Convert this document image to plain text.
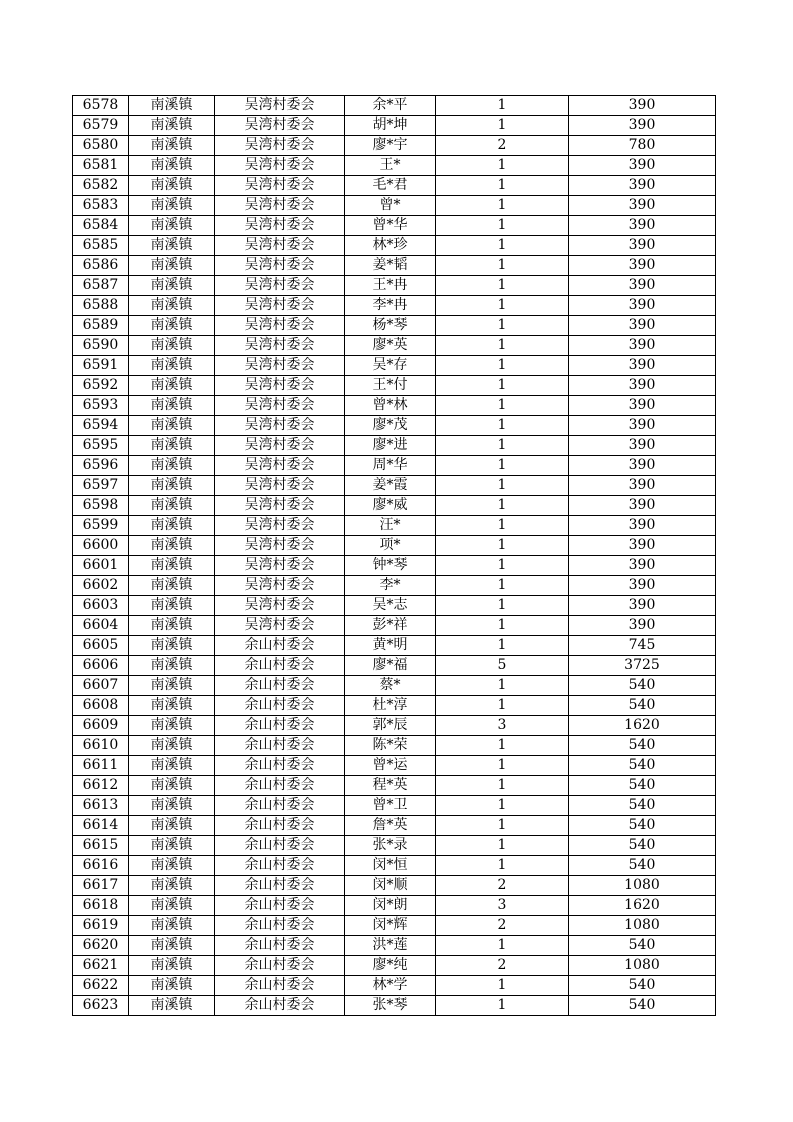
6578	南溪镇	吴湾村委会	余*平	1	390
6579	南溪镇	吴湾村委会	胡*坤	1	390
6580	南溪镇	吴湾村委会	廖*宇	2	780
6581	南溪镇	吴湾村委会	王*	1	390
6582	南溪镇	吴湾村委会	毛*君	1	390
6583	南溪镇	吴湾村委会	曾*	1	390
6584	南溪镇	吴湾村委会	曾*华	1	390
6585	南溪镇	吴湾村委会	林*珍	1	390
6586	南溪镇	吴湾村委会	姜*韬	1	390
6587	南溪镇	吴湾村委会	王*冉	1	390
6588	南溪镇	吴湾村委会	李*冉	1	390
6589	南溪镇	吴湾村委会	杨*琴	1	390
6590	南溪镇	吴湾村委会	廖*英	1	390
6591	南溪镇	吴湾村委会	吴*存	1	390
6592	南溪镇	吴湾村委会	王*付	1	390
6593	南溪镇	吴湾村委会	曾*林	1	390
6594	南溪镇	吴湾村委会	廖*茂	1	390
6595	南溪镇	吴湾村委会	廖*进	1	390
6596	南溪镇	吴湾村委会	周*华	1	390
6597	南溪镇	吴湾村委会	姜*霞	1	390
6598	南溪镇	吴湾村委会	廖*威	1	390
6599	南溪镇	吴湾村委会	汪*	1	390
6600	南溪镇	吴湾村委会	项*	1	390
6601	南溪镇	吴湾村委会	钟*琴	1	390
6602	南溪镇	吴湾村委会	李*	1	390
6603	南溪镇	吴湾村委会	吴*志	1	390
6604	南溪镇	吴湾村委会	彭*祥	1	390
6605	南溪镇	余山村委会	黄*明	1	745
6606	南溪镇	余山村委会	廖*福	5	3725
6607	南溪镇	余山村委会	蔡*	1	540
6608	南溪镇	余山村委会	杜*淳	1	540
6609	南溪镇	余山村委会	郭*辰	3	1620
6610	南溪镇	余山村委会	陈*荣	1	540
6611	南溪镇	余山村委会	曾*运	1	540
6612	南溪镇	余山村委会	程*英	1	540
6613	南溪镇	余山村委会	曾*卫	1	540
6614	南溪镇	余山村委会	詹*英	1	540
6615	南溪镇	余山村委会	张*录	1	540
6616	南溪镇	余山村委会	闵*恒	1	540
6617	南溪镇	余山村委会	闵*顺	2	1080
6618	南溪镇	余山村委会	闵*朗	3	1620
6619	南溪镇	余山村委会	闵*辉	2	1080
6620	南溪镇	余山村委会	洪*莲	1	540
6621	南溪镇	余山村委会	廖*纯	2	1080
6622	南溪镇	余山村委会	林*学	1	540
6623	南溪镇	余山村委会	张*琴	1	540
